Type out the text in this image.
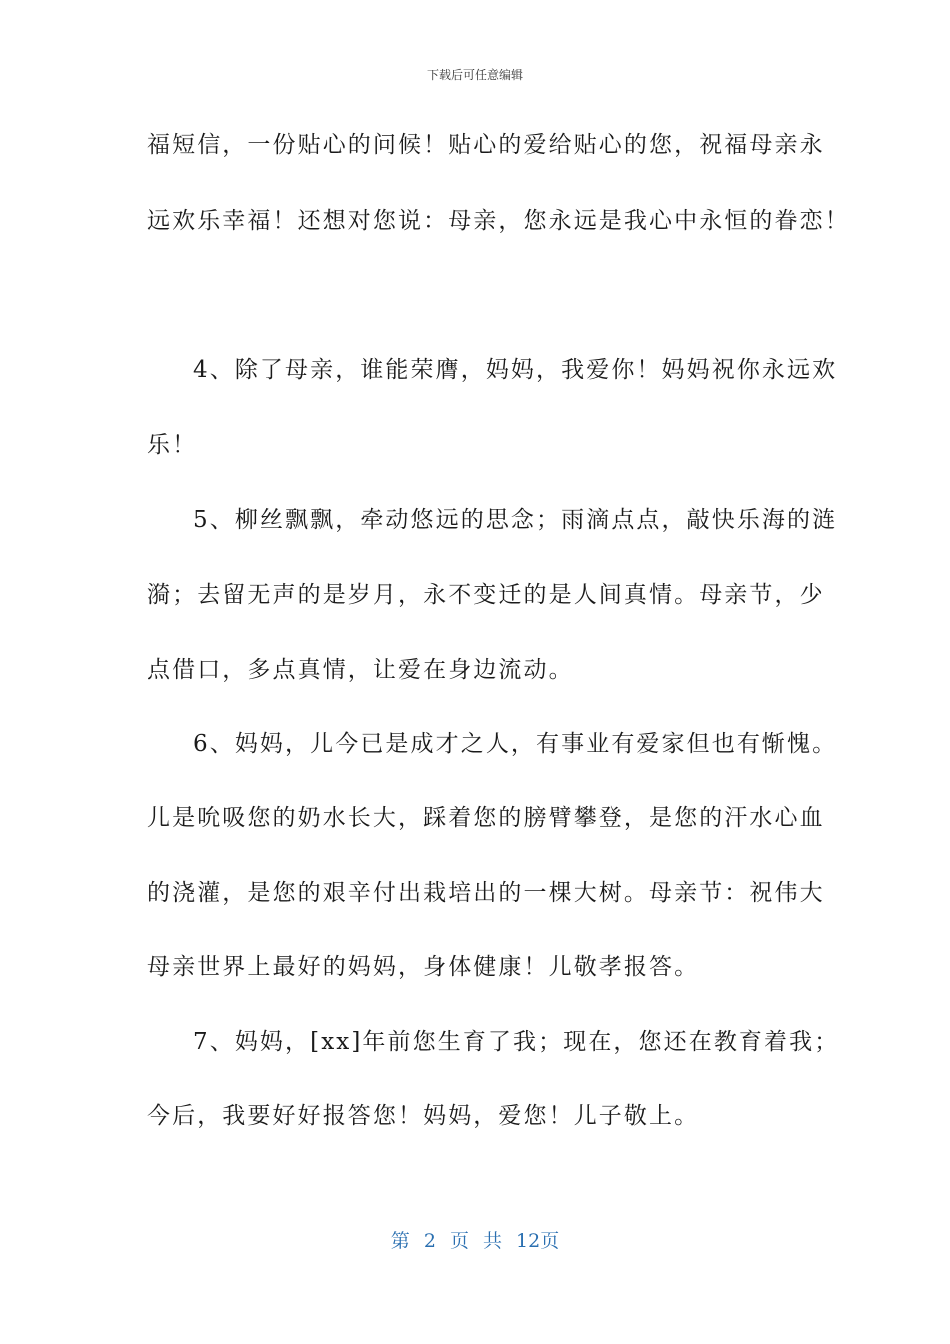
下载后可任意编辑
福短信，一份贴心的问候！贴心的爱给贴心的您，祝福母亲永
远欢乐幸福！还想对您说：母亲，您永远是我心中永恒的眷恋！
4、除了母亲，谁能荣膺，妈妈，我爱你！妈妈祝你永远欢
乐！
5、柳丝飘飘，牵动悠远的思念；雨滴点点，敲快乐海的涟
漪；去留无声的是岁月，永不变迁的是人间真情。母亲节，少
点借口，多点真情，让爱在身边流动。
6、妈妈，儿今已是成才之人，有事业有爱家但也有惭愧。
儿是吮吸您的奶水长大，踩着您的膀臂攀登，是您的汗水心血
的浇灌，是您的艰辛付出栽培出的一棵大树。母亲节：祝伟大
母亲世界上最好的妈妈，身体健康！儿敬孝报答。
7、妈妈，[xx]年前您生育了我；现在，您还在教育着我；
今后，我要好好报答您！妈妈，爱您！儿子敬上。
第 2 页 共 12页
